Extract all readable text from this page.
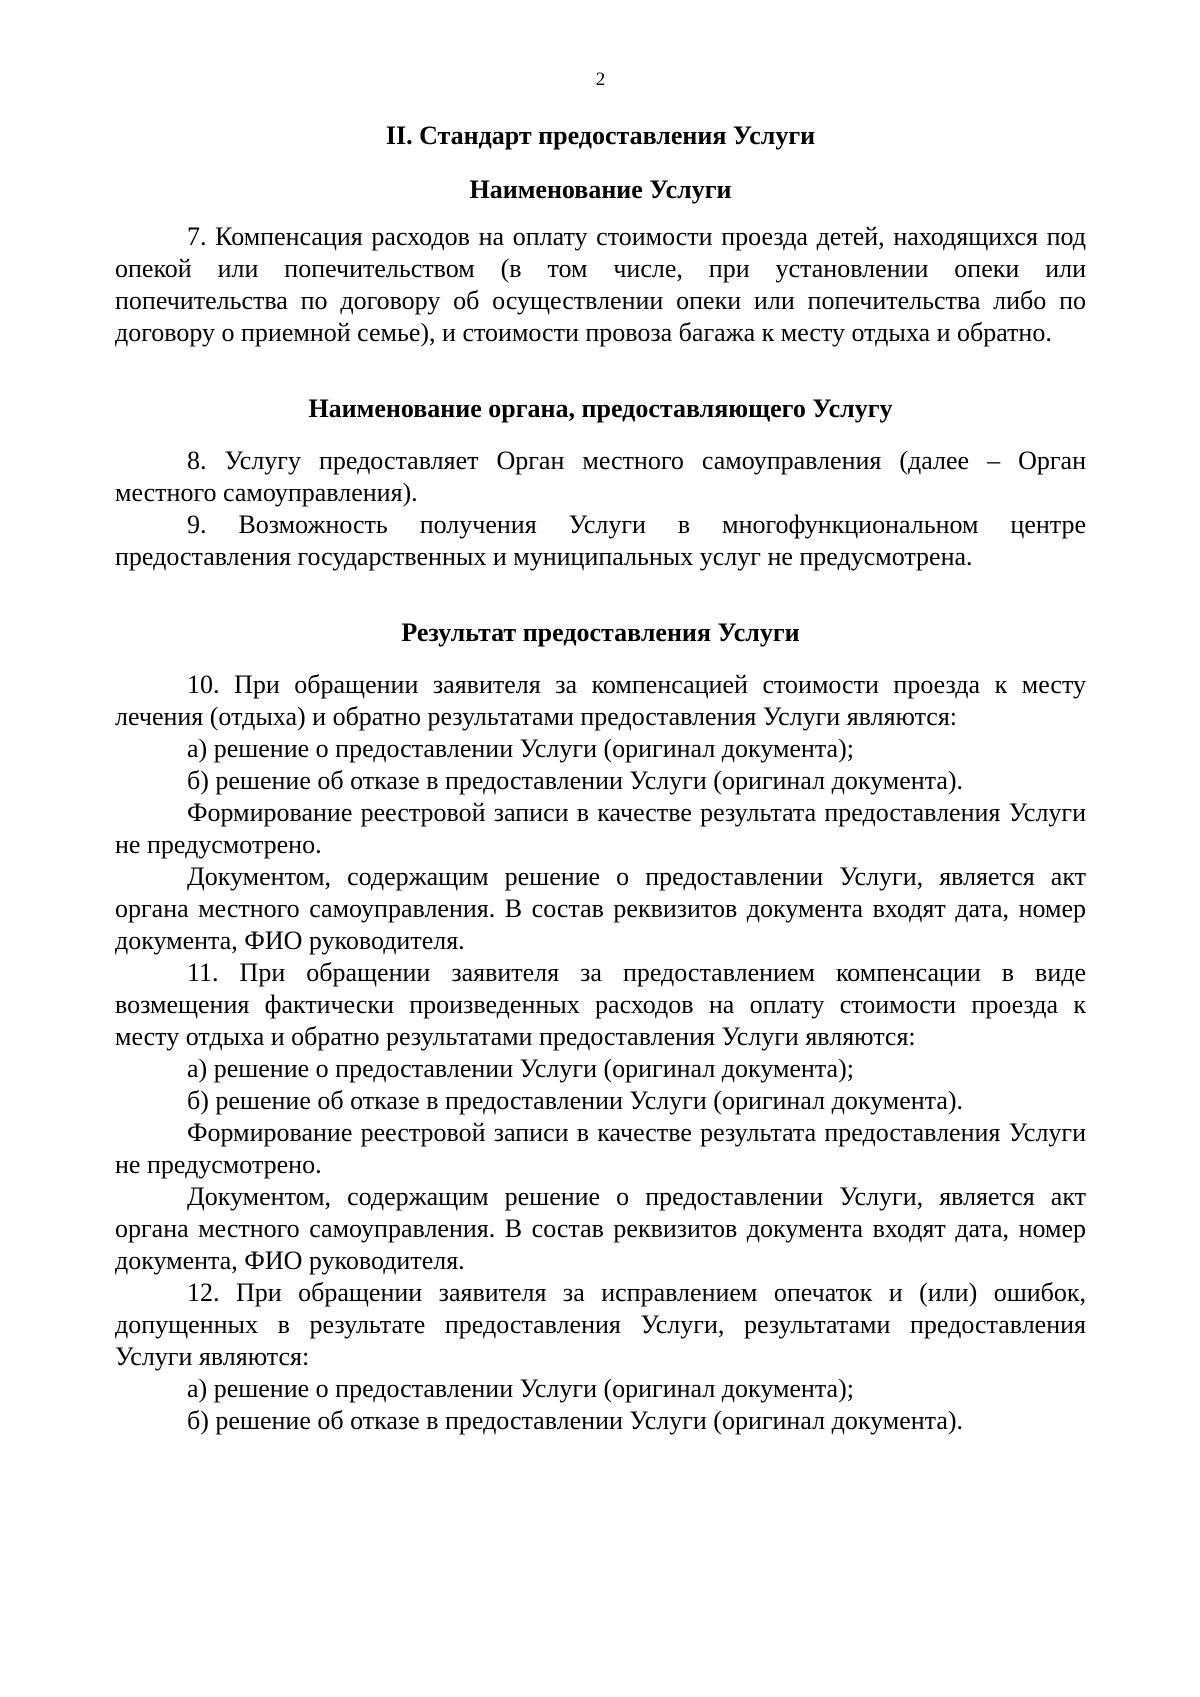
2
II. Стандарт предоставления Услуги
Наименование Услуги

7. Компенсация расходов на оплату стоимости проезда детей, находящихся под опекой или попечительством (в том числе, при установлении опеки или попечительства по договору об осуществлении опеки или попечительства либо по договору о приемной семье), и стоимости провоза багажа к месту отдыха и обратно.

Наименование органа, предоставляющего Услугу

8. Услугу предоставляет Орган местного самоуправления (далее – Орган местного самоуправления).

9. Возможность получения Услуги в многофункциональном центре предоставления государственных и муниципальных услуг не предусмотрена.

Результат предоставления Услуги

10. При обращении заявителя за компенсацией стоимости проезда к месту лечения (отдыха) и обратно результатами предоставления Услуги являются:

а) решение о предоставлении Услуги (оригинал документа);

б) решение об отказе в предоставлении Услуги (оригинал документа).

Формирование реестровой записи в качестве результата предоставления Услуги не предусмотрено.

Документом, содержащим решение о предоставлении Услуги, является акт органа местного самоуправления. В состав реквизитов документа входят дата, номер документа, ФИО руководителя.

11. При обращении заявителя за предоставлением компенсации в виде возмещения фактически произведенных расходов на оплату стоимости проезда к месту отдыха и обратно результатами предоставления Услуги являются:

а) решение о предоставлении Услуги (оригинал документа);

б) решение об отказе в предоставлении Услуги (оригинал документа).

Формирование реестровой записи в качестве результата предоставления Услуги не предусмотрено.

Документом, содержащим решение о предоставлении Услуги, является акт органа местного самоуправления. В состав реквизитов документа входят дата, номер документа, ФИО руководителя.

12. При обращении заявителя за исправлением опечаток и (или) ошибок, допущенных в результате предоставления Услуги, результатами предоставления Услуги являются:

а) решение о предоставлении Услуги (оригинал документа);

б) решение об отказе в предоставлении Услуги (оригинал документа).
